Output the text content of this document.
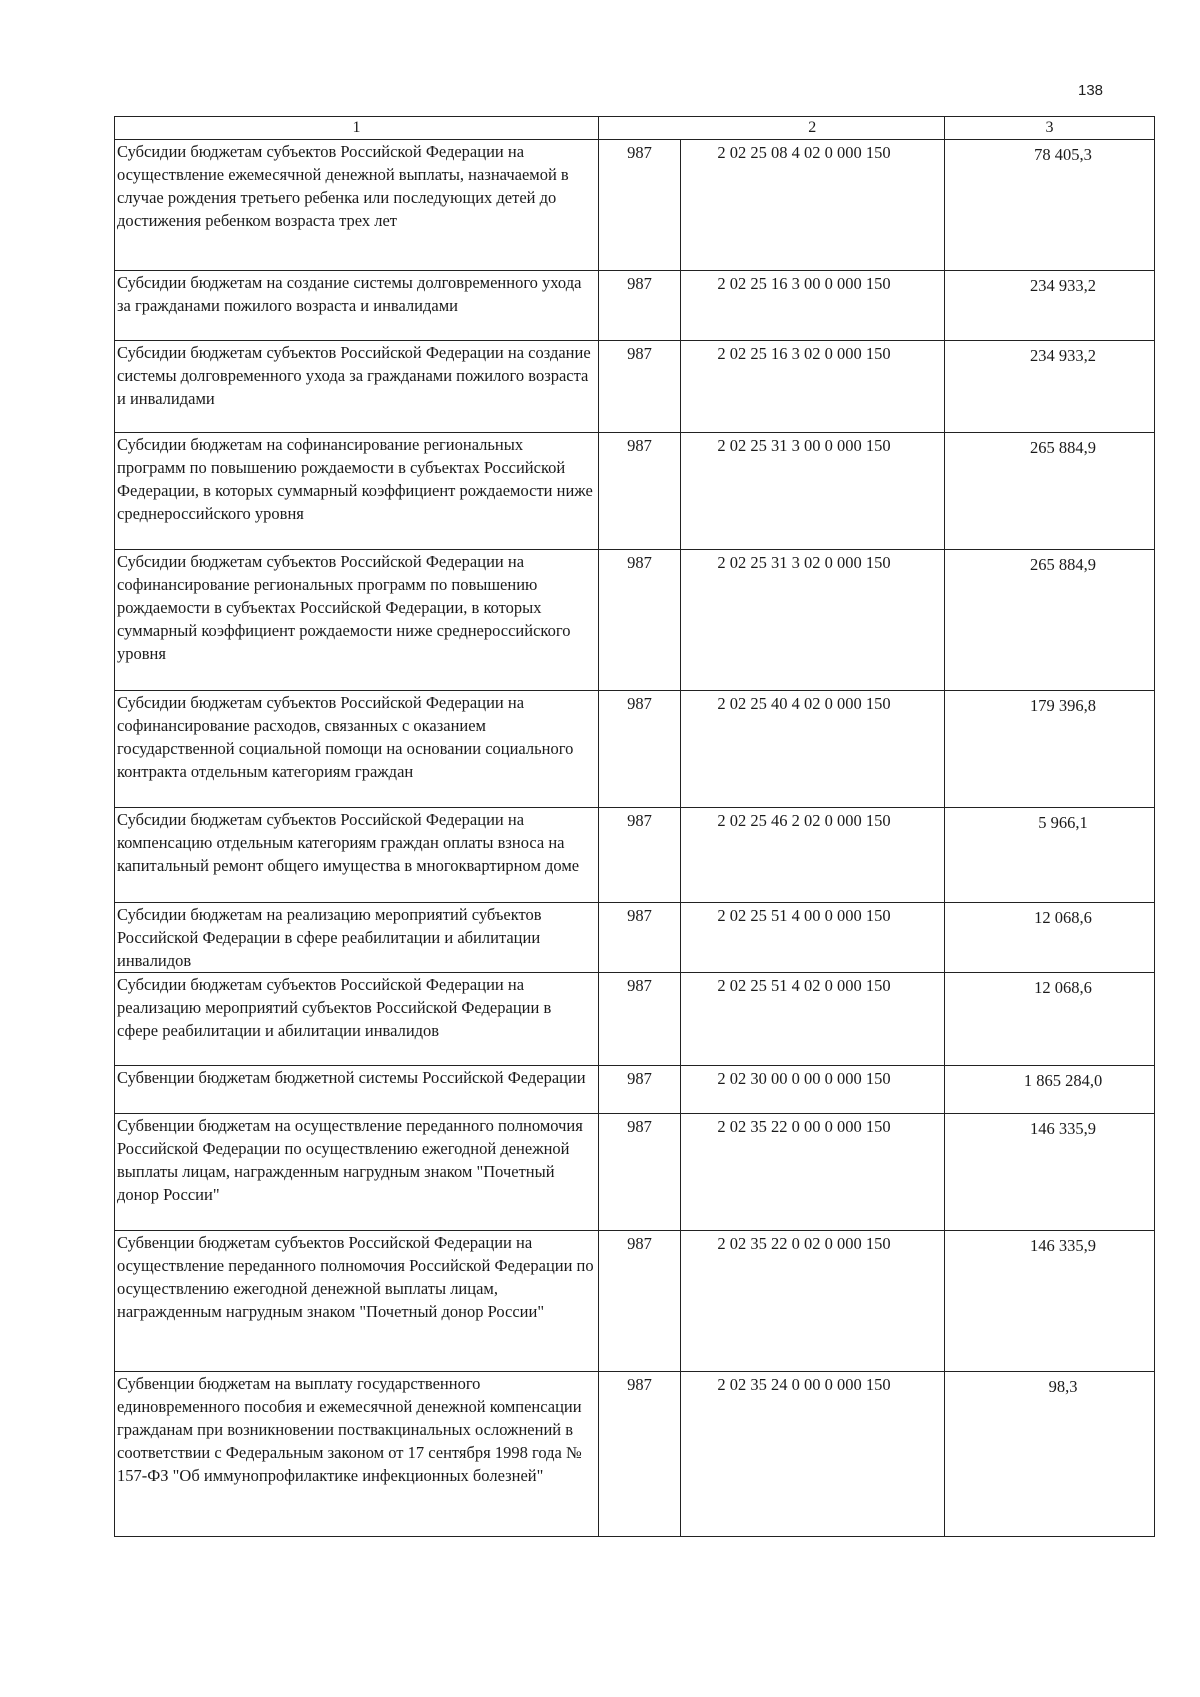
138
1		2	3
Субсидии бюджетам субъектов Российской Федерации на осуществление ежемесячной денежной выплаты, назначаемой в случае рождения третьего ребенка или последующих детей до достижения ребенком возраста трех лет	987	2 02 25 08 4 02 0 000 150	78 405,3
Субсидии бюджетам на создание системы долговременного ухода за гражданами пожилого возраста и инвалидами	987	2 02 25 16 3 00 0 000 150	234 933,2
Субсидии бюджетам субъектов Российской Федерации на создание системы долговременного ухода за гражданами пожилого возраста и инвалидами	987	2 02 25 16 3 02 0 000 150	234 933,2
Субсидии бюджетам на софинансирование региональных программ по повышению рождаемости в субъектах Российской Федерации, в которых суммарный коэффициент рождаемости ниже среднероссийского уровня	987	2 02 25 31 3 00 0 000 150	265 884,9
Субсидии бюджетам субъектов Российской Федерации на софинансирование региональных программ по повышению рождаемости в субъектах Российской Федерации, в которых суммарный коэффициент рождаемости ниже среднероссийского уровня	987	2 02 25 31 3 02 0 000 150	265 884,9
Субсидии бюджетам субъектов Российской Федерации на софинансирование расходов, связанных с оказанием государственной социальной помощи на основании социального контракта отдельным категориям граждан	987	2 02 25 40 4 02 0 000 150	179 396,8
Субсидии бюджетам субъектов Российской Федерации на компенсацию отдельным категориям граждан оплаты взноса на капитальный ремонт общего имущества в многоквартирном доме	987	2 02 25 46 2 02 0 000 150	5 966,1
Субсидии бюджетам на реализацию мероприятий субъектов Российской Федерации в сфере реабилитации и абилитации инвалидов	987	2 02 25 51 4 00 0 000 150	12 068,6
Субсидии бюджетам субъектов Российской Федерации на реализацию мероприятий субъектов Российской Федерации в сфере реабилитации и абилитации инвалидов	987	2 02 25 51 4 02 0 000 150	12 068,6
Субвенции бюджетам бюджетной системы Российской Федерации	987	2 02 30 00 0 00 0 000 150	1 865 284,0
Субвенции бюджетам на осуществление переданного полномочия Российской Федерации по осуществлению ежегодной денежной выплаты лицам, награжденным нагрудным знаком "Почетный донор России"	987	2 02 35 22 0 00 0 000 150	146 335,9
Субвенции бюджетам субъектов Российской Федерации на осуществление переданного полномочия Российской Федерации по осуществлению ежегодной денежной выплаты лицам, награжденным нагрудным знаком "Почетный донор России"	987	2 02 35 22 0 02 0 000 150	146 335,9
Субвенции бюджетам на выплату государственного единовременного пособия и ежемесячной денежной компенсации гражданам при возникновении поствакцинальных осложнений в соответствии с Федеральным законом от 17 сентября 1998 года № 157-ФЗ "Об иммунопрофилактике инфекционных болезней"	987	2 02 35 24 0 00 0 000 150	98,3
